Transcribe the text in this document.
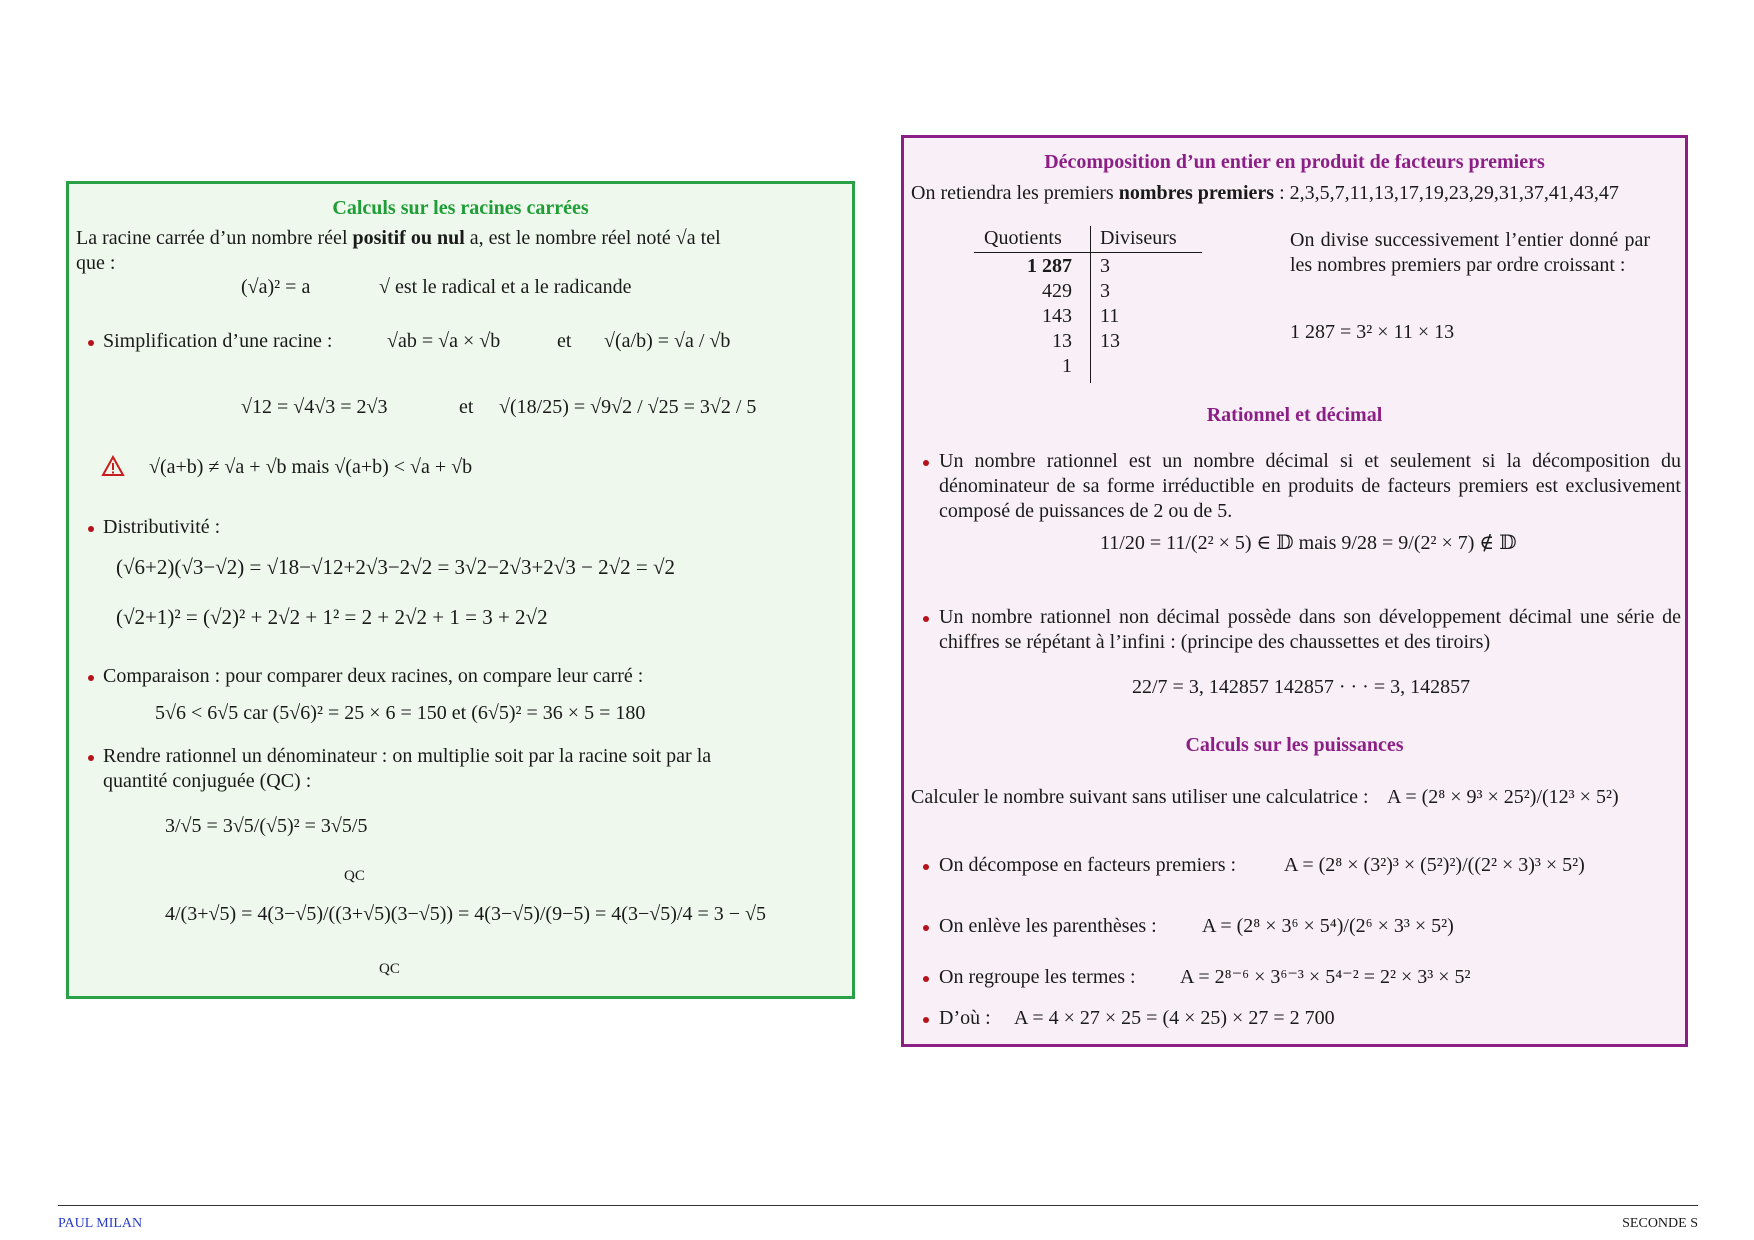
Calculs sur les racines carrées
La racine carrée d’un nombre réel positif ou nul a, est le nombre réel noté √a tel
que :
(√a)² = a	√ est le radical et a le radicande
Simplification d’une racine :	√ab = √a × √b	et √(a/b) = √a / √b
√12 = √4√3 = 2√3	et √(18/25) = √9√2 / √25 = 3√2 / 5
√(a+b) ≠ √a + √b mais √(a+b) < √a + √b
Distributivité :
(√6+2)(√3−√2) = √18−√12+2√3−2√2 = 3√2−2√3+2√3 − 2√2 = √2
(√2+1)² = (√2)² + 2√2 + 1² = 2 + 2√2 + 1 = 3 + 2√2
Comparaison : pour comparer deux racines, on compare leur carré :
5√6 < 6√5 car (5√6)² = 25 × 6 = 150 et (6√5)² = 36 × 5 = 180
Rendre rationnel un dénominateur : on multiplie soit par la racine soit par la
quantité conjuguée (QC) :
3/√5 = 3√5/(√5)² = 3√5/5
QC
4/(3+√5) = 4(3−√5)/((3+√5)(3−√5)) = 4(3−√5)/(9−5) = 4(3−√5)/4 = 3 − √5
QC
Décomposition d’un entier en produit de facteurs premiers
On retiendra les premiers nombres premiers : 2,3,5,7,11,13,17,19,23,29,31,37,41,43,47
Quotients Diviseurs
1 287 3
429 3
143 11
13 13
1
On divise successivement l’entier donné par les nombres premiers par ordre croissant :
1 287 = 3² × 11 × 13
Rationnel et décimal
Un nombre rationnel est un nombre décimal si et seulement si la décomposition du dénominateur de sa forme irréductible en produits de facteurs premiers est exclusivement composé de puissances de 2 ou de 5.
11/20 = 11/(2² × 5) ∈ 𝔻 mais 9/28 = 9/(2² × 7) ∉ 𝔻
Un nombre rationnel non décimal possède dans son développement décimal une série de chiffres se répétant à l’infini : (principe des chaussettes et des tiroirs)
22/7 = 3, 142857 142857 · · · = 3, 142857
Calculs sur les puissances
Calculer le nombre suivant sans utiliser une calculatrice : A = (2⁸ × 9³ × 25²)/(12³ × 5²)
On décompose en facteurs premiers : A = (2⁸ × (3²)³ × (5²)²)/((2² × 3)³ × 5²)
On enlève les parenthèses : A = (2⁸ × 3⁶ × 5⁴)/(2⁶ × 3³ × 5²)
On regroupe les termes : A = 2⁸⁻⁶ × 3⁶⁻³ × 5⁴⁻² = 2² × 3³ × 5²
D’où : A = 4 × 27 × 25 = (4 × 25) × 27 = 2 700
PAUL MILAN	SECONDE S
